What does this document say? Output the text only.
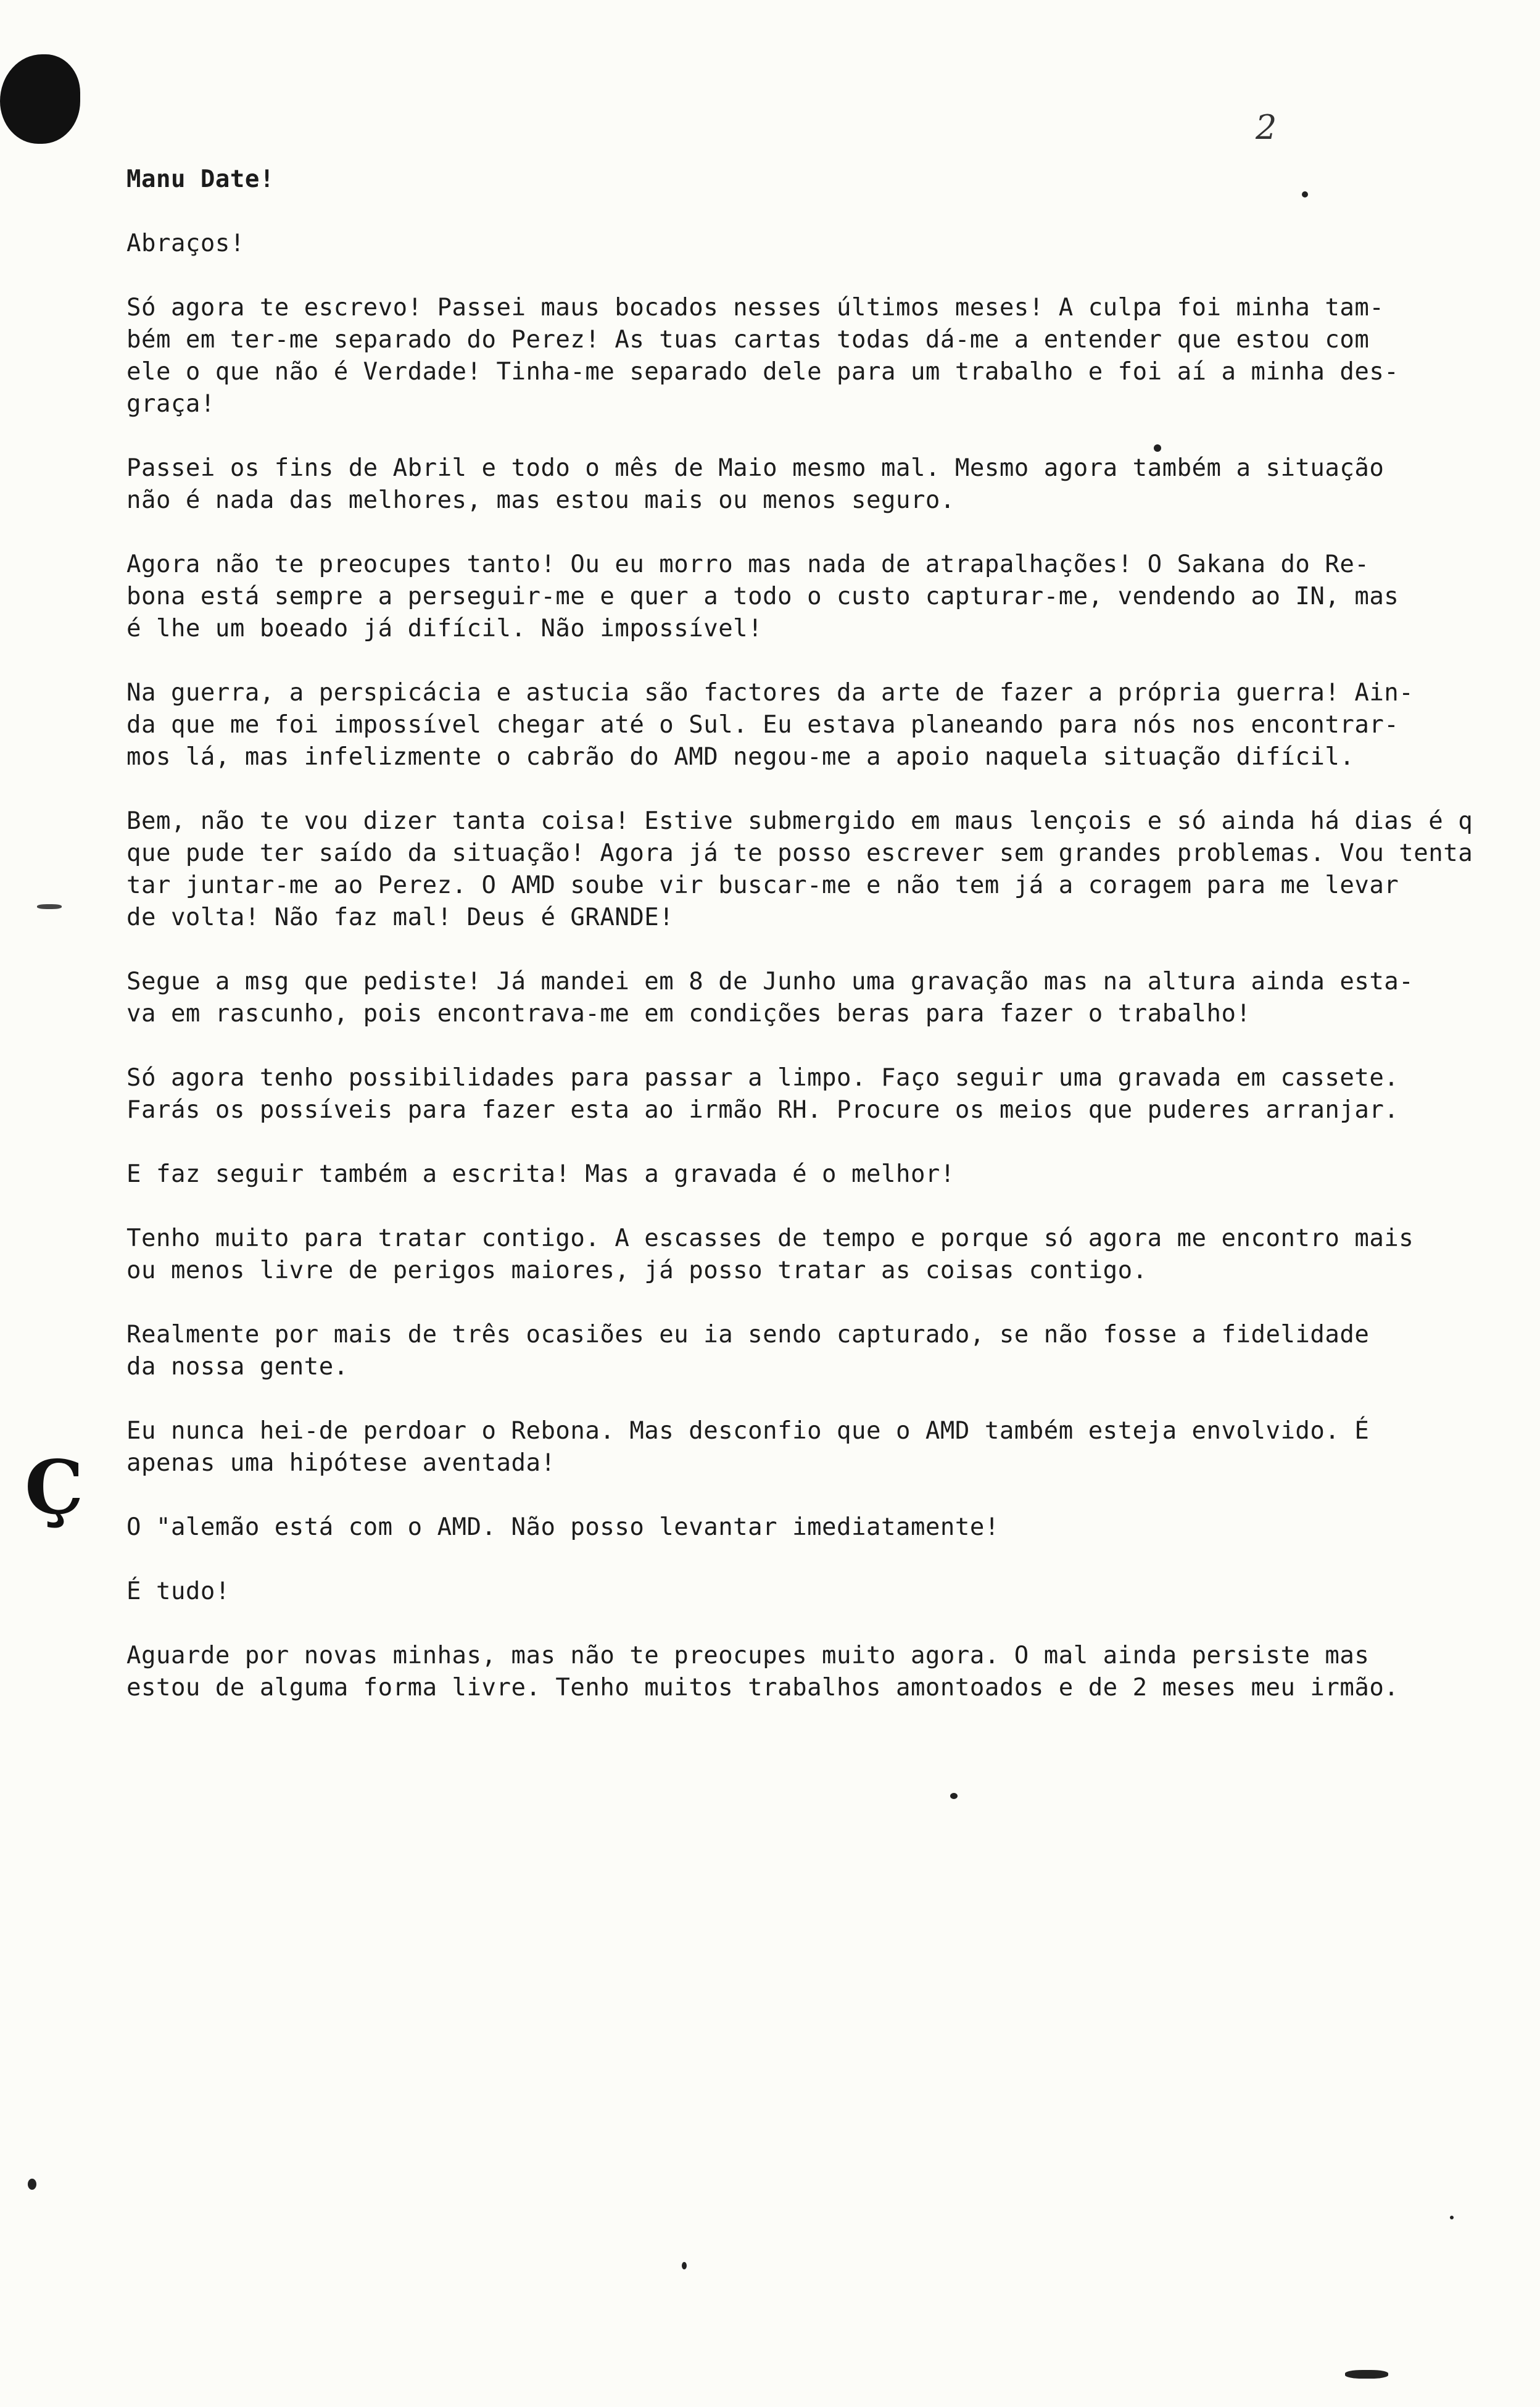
2
Ç
Manu Date!
Abraços!
Só agora te escrevo! Passei maus bocados nesses últimos meses! A culpa foi minha tam-
bém em ter-me separado do Perez! As tuas cartas todas dá-me a entender que estou com
ele o que não é Verdade! Tinha-me separado dele para um trabalho e foi aí a minha des-
graça!
Passei os fins de Abril e todo o mês de Maio mesmo mal. Mesmo agora também a situação
não é nada das melhores, mas estou mais ou menos seguro.
Agora não te preocupes tanto! Ou eu morro mas nada de atrapalhações! O Sakana do Re-
bona está sempre a perseguir-me e quer a todo o custo capturar-me, vendendo ao IN, mas
é lhe um boeado já difícil. Não impossível!
Na guerra, a perspicácia e astucia são factores da arte de fazer a própria guerra! Ain-
da que me foi impossível chegar até o Sul. Eu estava planeando para nós nos encontrar-
mos lá, mas infelizmente o cabrão do AMD negou-me a apoio naquela situação difícil.
Bem, não te vou dizer tanta coisa! Estive submergido em maus lençois e só ainda há dias é q
que pude ter saído da situação! Agora já te posso escrever sem grandes problemas. Vou tenta
tar juntar-me ao Perez. O AMD soube vir buscar-me e não tem já a coragem para me levar
de volta! Não faz mal! Deus é GRANDE!
Segue a msg que pediste! Já mandei em 8 de Junho uma gravação mas na altura ainda esta-
va em rascunho, pois encontrava-me em condições beras para fazer o trabalho!
Só agora tenho possibilidades para passar a limpo. Faço seguir uma gravada em cassete.
Farás os possíveis para fazer esta ao irmão RH. Procure os meios que puderes arranjar.
E faz seguir também a escrita! Mas a gravada é o melhor!
Tenho muito para tratar contigo. A escasses de tempo e porque só agora me encontro mais
ou menos livre de perigos maiores, já posso tratar as coisas contigo.
Realmente por mais de três ocasiões eu ia sendo capturado, se não fosse a fidelidade
da nossa gente.
Eu nunca hei-de perdoar o Rebona. Mas desconfio que o AMD também esteja envolvido. É
apenas uma hipótese aventada!
O "alemão está com o AMD. Não posso levantar imediatamente!
É tudo!
Aguarde por novas minhas, mas não te preocupes muito agora. O mal ainda persiste mas
estou de alguma forma livre. Tenho muitos trabalhos amontoados e de 2 meses meu irmão.
